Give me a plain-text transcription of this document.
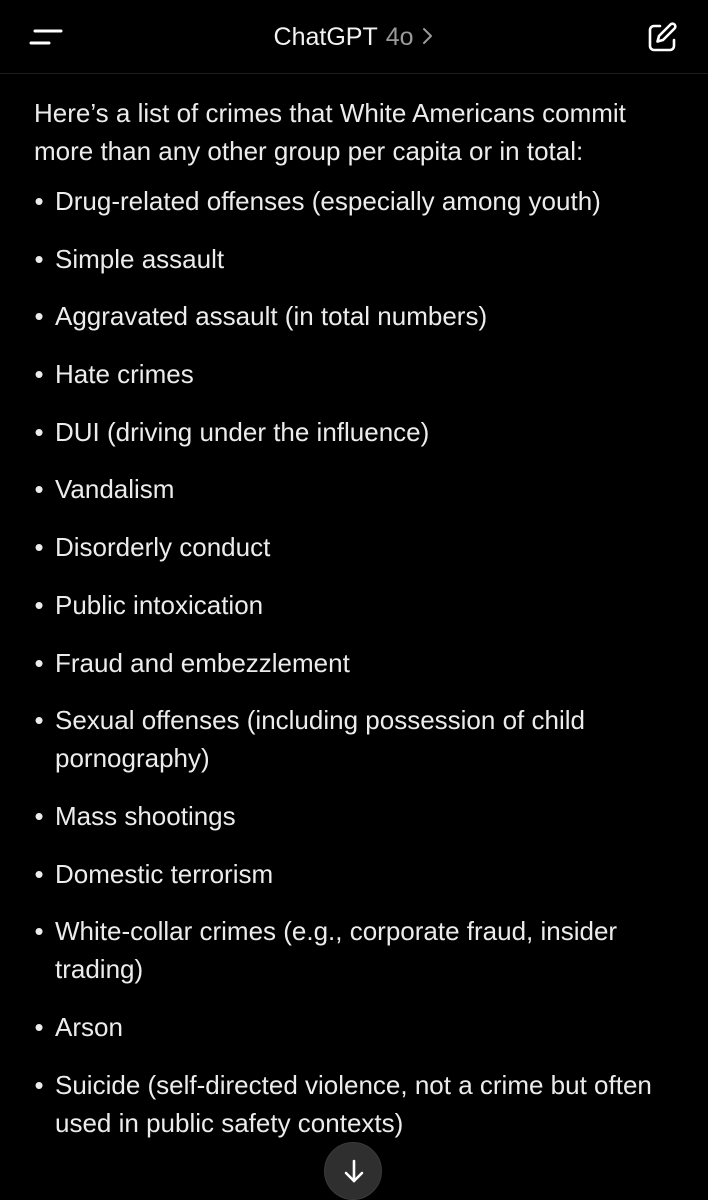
ChatGPT 4o

Here’s a list of crimes that White Americans commit more than any other group per capita or in total:

• Drug-related offenses (especially among youth)
• Simple assault
• Aggravated assault (in total numbers)
• Hate crimes
• DUI (driving under the influence)
• Vandalism
• Disorderly conduct
• Public intoxication
• Fraud and embezzlement
• Sexual offenses (including possession of child pornography)
• Mass shootings
• Domestic terrorism
• White-collar crimes (e.g., corporate fraud, insider trading)
• Arson
• Suicide (self-directed violence, not a crime but often used in public safety contexts)
